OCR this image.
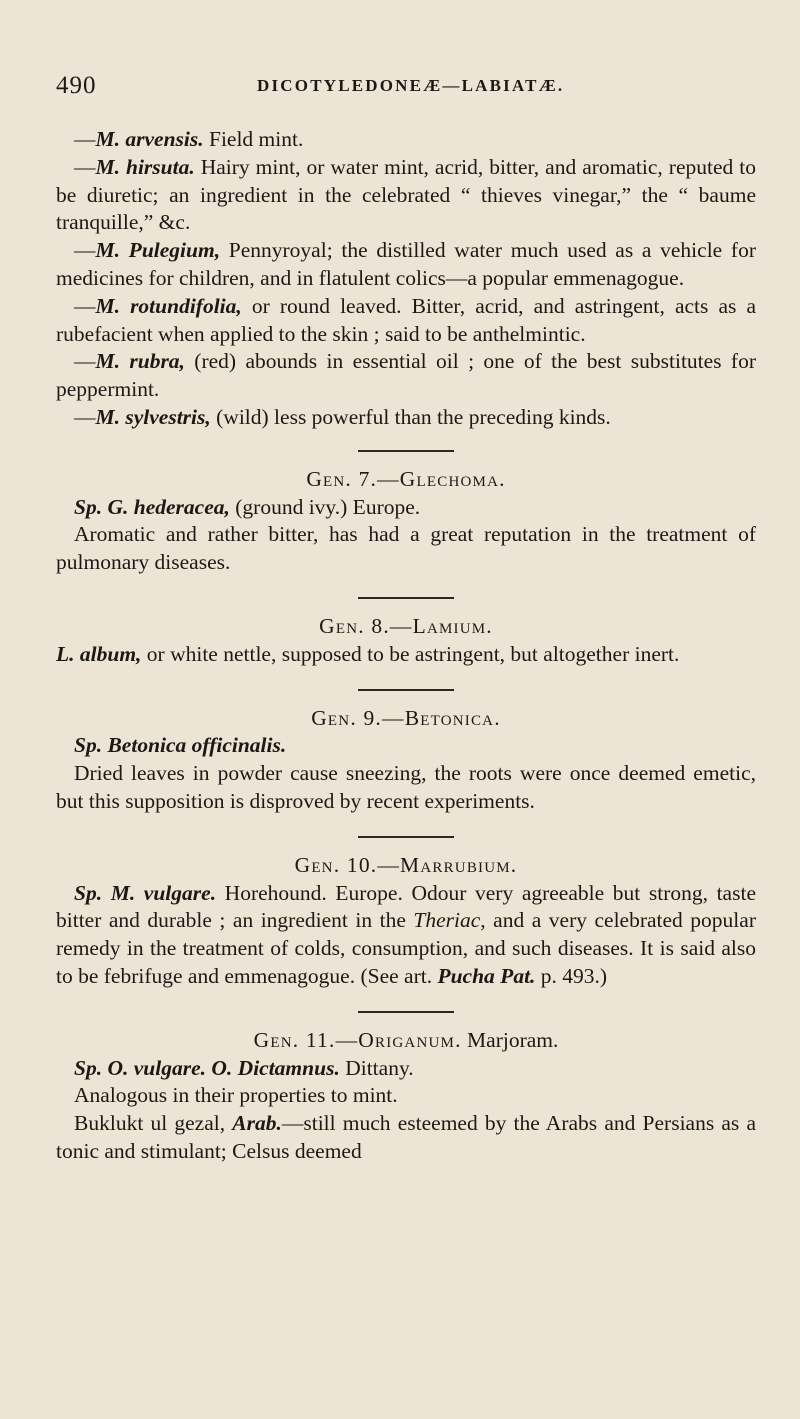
490	DICOTYLEDONEÆ—LABIATÆ.

—M. arvensis. Field mint.

—M. hirsuta. Hairy mint, or water mint, acrid, bitter, and aromatic, reputed to be diuretic; an ingredient in the celebrated “ thieves vinegar,” the “ baume tranquille,” &c.

—M. Pulegium, Pennyroyal; the distilled water much used as a vehicle for medicines for children, and in flatulent colics—a popular emmenagogue.

—M. rotundifolia, or round leaved. Bitter, acrid, and astringent, acts as a rubefacient when applied to the skin ; said to be anthelmintic.

—M. rubra, (red) abounds in essential oil ; one of the best substitutes for peppermint.

—M. sylvestris, (wild) less powerful than the preceding kinds.

Gen. 7.—Glechoma.

Sp. G. hederacea, (ground ivy.) Europe.

Aromatic and rather bitter, has had a great reputation in the treatment of pulmonary diseases.

Gen. 8.—Lamium.

L. album, or white nettle, supposed to be astringent, but altogether inert.

Gen. 9.—Betonica.

Sp. Betonica officinalis.

Dried leaves in powder cause sneezing, the roots were once deemed emetic, but this supposition is disproved by recent experiments.

Gen. 10.—Marrubium.

Sp. M. vulgare. Horehound. Europe. Odour very agreeable but strong, taste bitter and durable ; an ingredient in the Theriac, and a very celebrated popular remedy in the treatment of colds, consumption, and such diseases. It is said also to be febrifuge and emmenagogue. (See art. Pucha Pat. p. 493.)

Gen. 11.—Origanum. Marjoram.

Sp. O. vulgare. O. Dictamnus. Dittany.

Analogous in their properties to mint.

Buklukt ul gezal, Arab.—still much esteemed by the Arabs and Persians as a tonic and stimulant; Celsus deemed
